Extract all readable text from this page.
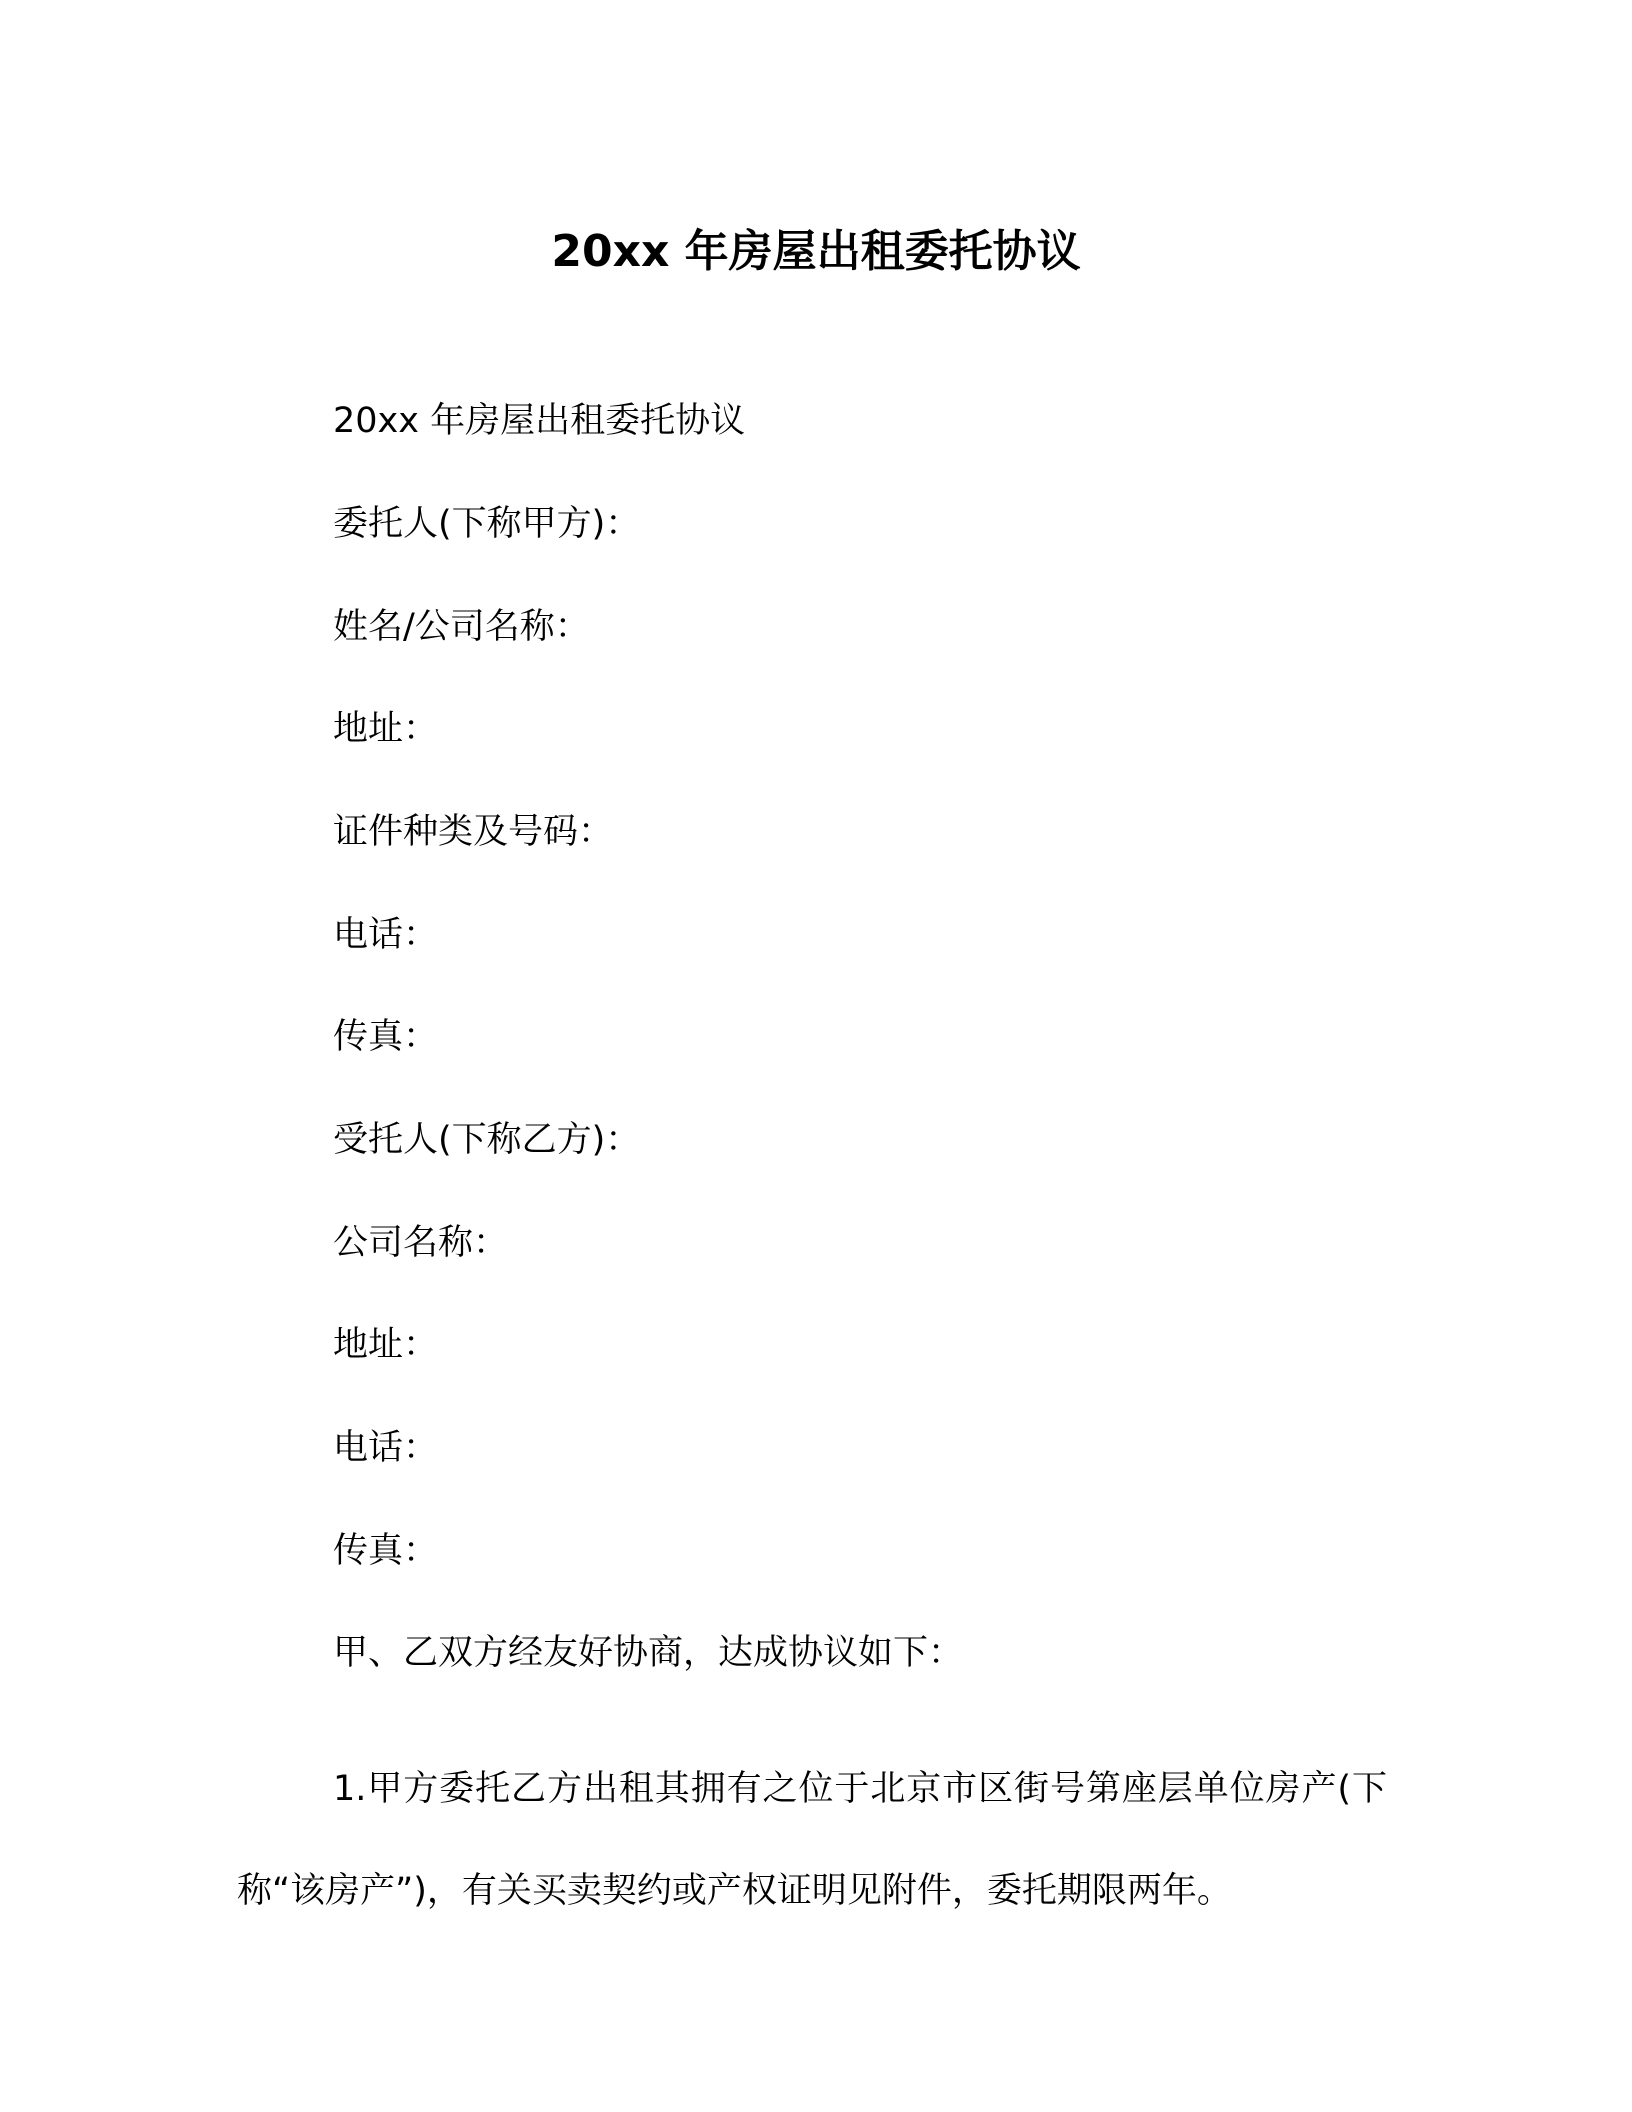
20xx 年房屋出租委托协议
20xx 年房屋出租委托协议
委托人(下称甲方)：
姓名/公司名称：
地址：
证件种类及号码：
电话：
传真：
受托人(下称乙方)：
公司名称：
地址：
电话：
传真：
甲、乙双方经友好协商，达成协议如下：
1.甲方委托乙方出租其拥有之位于北京市区街号第座层单位房产(下称“该房产”)，有关买卖契约或产权证明见附件，委托期限两年。
